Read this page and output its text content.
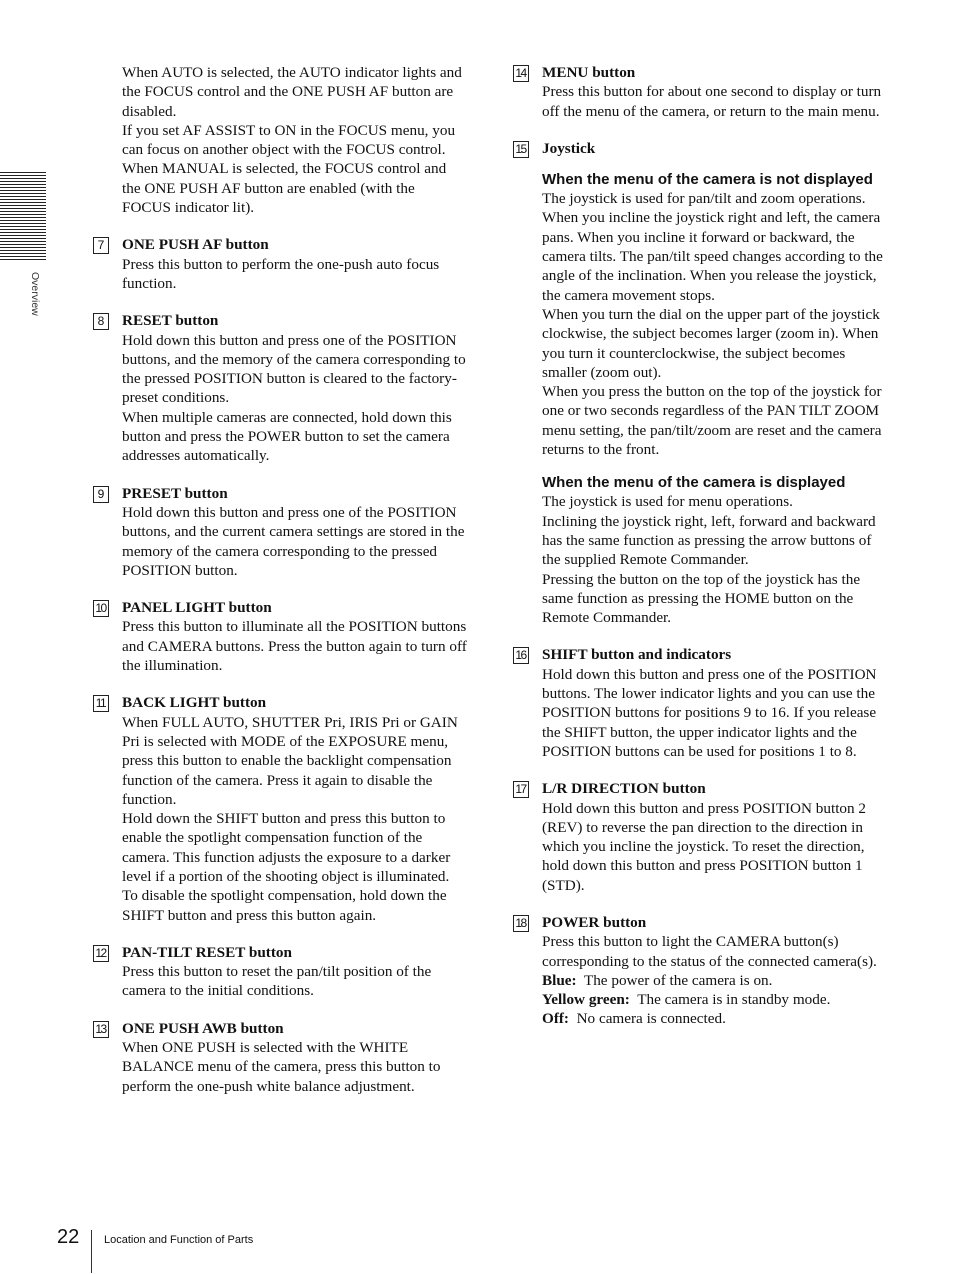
Overview

When AUTO is selected, the AUTO indicator lights and the FOCUS control and the ONE PUSH AF button are disabled.

If you set AF ASSIST to ON in the FOCUS menu, you can focus on another object with the FOCUS control.

When MANUAL is selected, the FOCUS control and the ONE PUSH AF button are enabled (with the FOCUS indicator lit).

7	ONE PUSH AF button

Press this button to perform the one-push auto focus function.

8	RESET button

Hold down this button and press one of the POSITION buttons, and the memory of the camera corresponding to the pressed POSITION button is cleared to the factory-preset conditions.

When multiple cameras are connected, hold down this button and press the POWER button to set the camera addresses automatically.

9	PRESET button

Hold down this button and press one of the POSITION buttons, and the current camera settings are stored in the memory of the camera corresponding to the pressed POSITION button.

10 PANEL LIGHT button

Press this button to illuminate all the POSITION buttons and CAMERA buttons. Press the button again to turn off the illumination.

11 BACK LIGHT button

When FULL AUTO, SHUTTER Pri, IRIS Pri or GAIN Pri is selected with MODE of the EXPOSURE menu, press this button to enable the backlight compensation function of the camera. Press it again to disable the function.

Hold down the SHIFT button and press this button to enable the spotlight compensation function of the camera. This function adjusts the exposure to a darker level if a portion of the shooting object is illuminated.

To disable the spotlight compensation, hold down the SHIFT button and press this button again.

12 PAN-TILT RESET button

Press this button to reset the pan/tilt position of the camera to the initial conditions.

13 ONE PUSH AWB button

When ONE PUSH is selected with the WHITE BALANCE menu of the camera, press this button to perform the one-push white balance adjustment.

14 MENU button

Press this button for about one second to display or turn off the menu of the camera, or return to the main menu.

15 Joystick
When the menu of the camera is not displayed

The joystick is used for pan/tilt and zoom operations.

When you incline the joystick right and left, the camera pans. When you incline it forward or backward, the camera tilts. The pan/tilt speed changes according to the angle of the inclination. When you release the joystick, the camera movement stops.

When you turn the dial on the upper part of the joystick clockwise, the subject becomes larger (zoom in). When you turn it counterclockwise, the subject becomes smaller (zoom out).

When you press the button on the top of the joystick for one or two seconds regardless of the PAN TILT ZOOM menu setting, the pan/tilt/zoom are reset and the camera returns to the front.

When the menu of the camera is displayed

The joystick is used for menu operations.

Inclining the joystick right, left, forward and backward has the same function as pressing the arrow buttons of the supplied Remote Commander.

Pressing the button on the top of the joystick has the same function as pressing the HOME button on the Remote Commander.

16 SHIFT button and indicators

Hold down this button and press one of the POSITION buttons. The lower indicator lights and you can use the POSITION buttons for positions 9 to 16. If you release the SHIFT button, the upper indicator lights and the POSITION buttons can be used for positions 1 to 8.

17 L/R DIRECTION button

Hold down this button and press POSITION button 2 (REV) to reverse the pan direction to the direction in which you incline the joystick. To reset the direction, hold down this button and press POSITION button 1 (STD).

18 POWER button

Press this button to light the CAMERA button(s) corresponding to the status of the connected camera(s).

Blue: The power of the camera is on.

Yellow green: The camera is in standby mode.

Off: No camera is connected.

22 Location and Function of Parts
